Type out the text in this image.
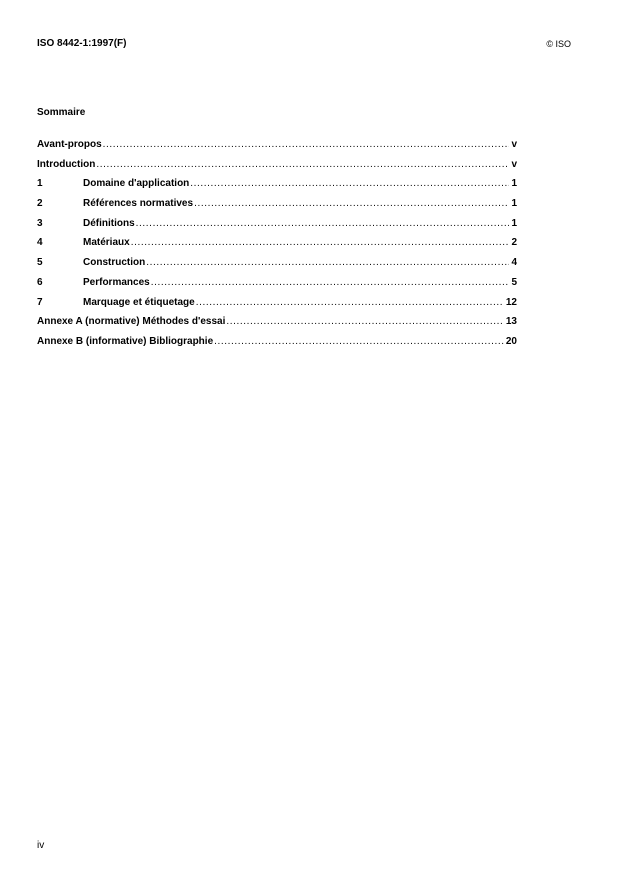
ISO 8442-1:1997(F)	© ISO
Sommaire
Avant-propos .....	v
Introduction .....	v
1	Domaine d'application .....	1
2	Références normatives .....	1
3	Définitions .....	1
4	Matériaux .....	2
5	Construction .....	4
6	Performances .....	5
7	Marquage et étiquetage .....	12
Annexe A (normative) Méthodes d'essai .....	13
Annexe B (informative) Bibliographie .....	20
iv
